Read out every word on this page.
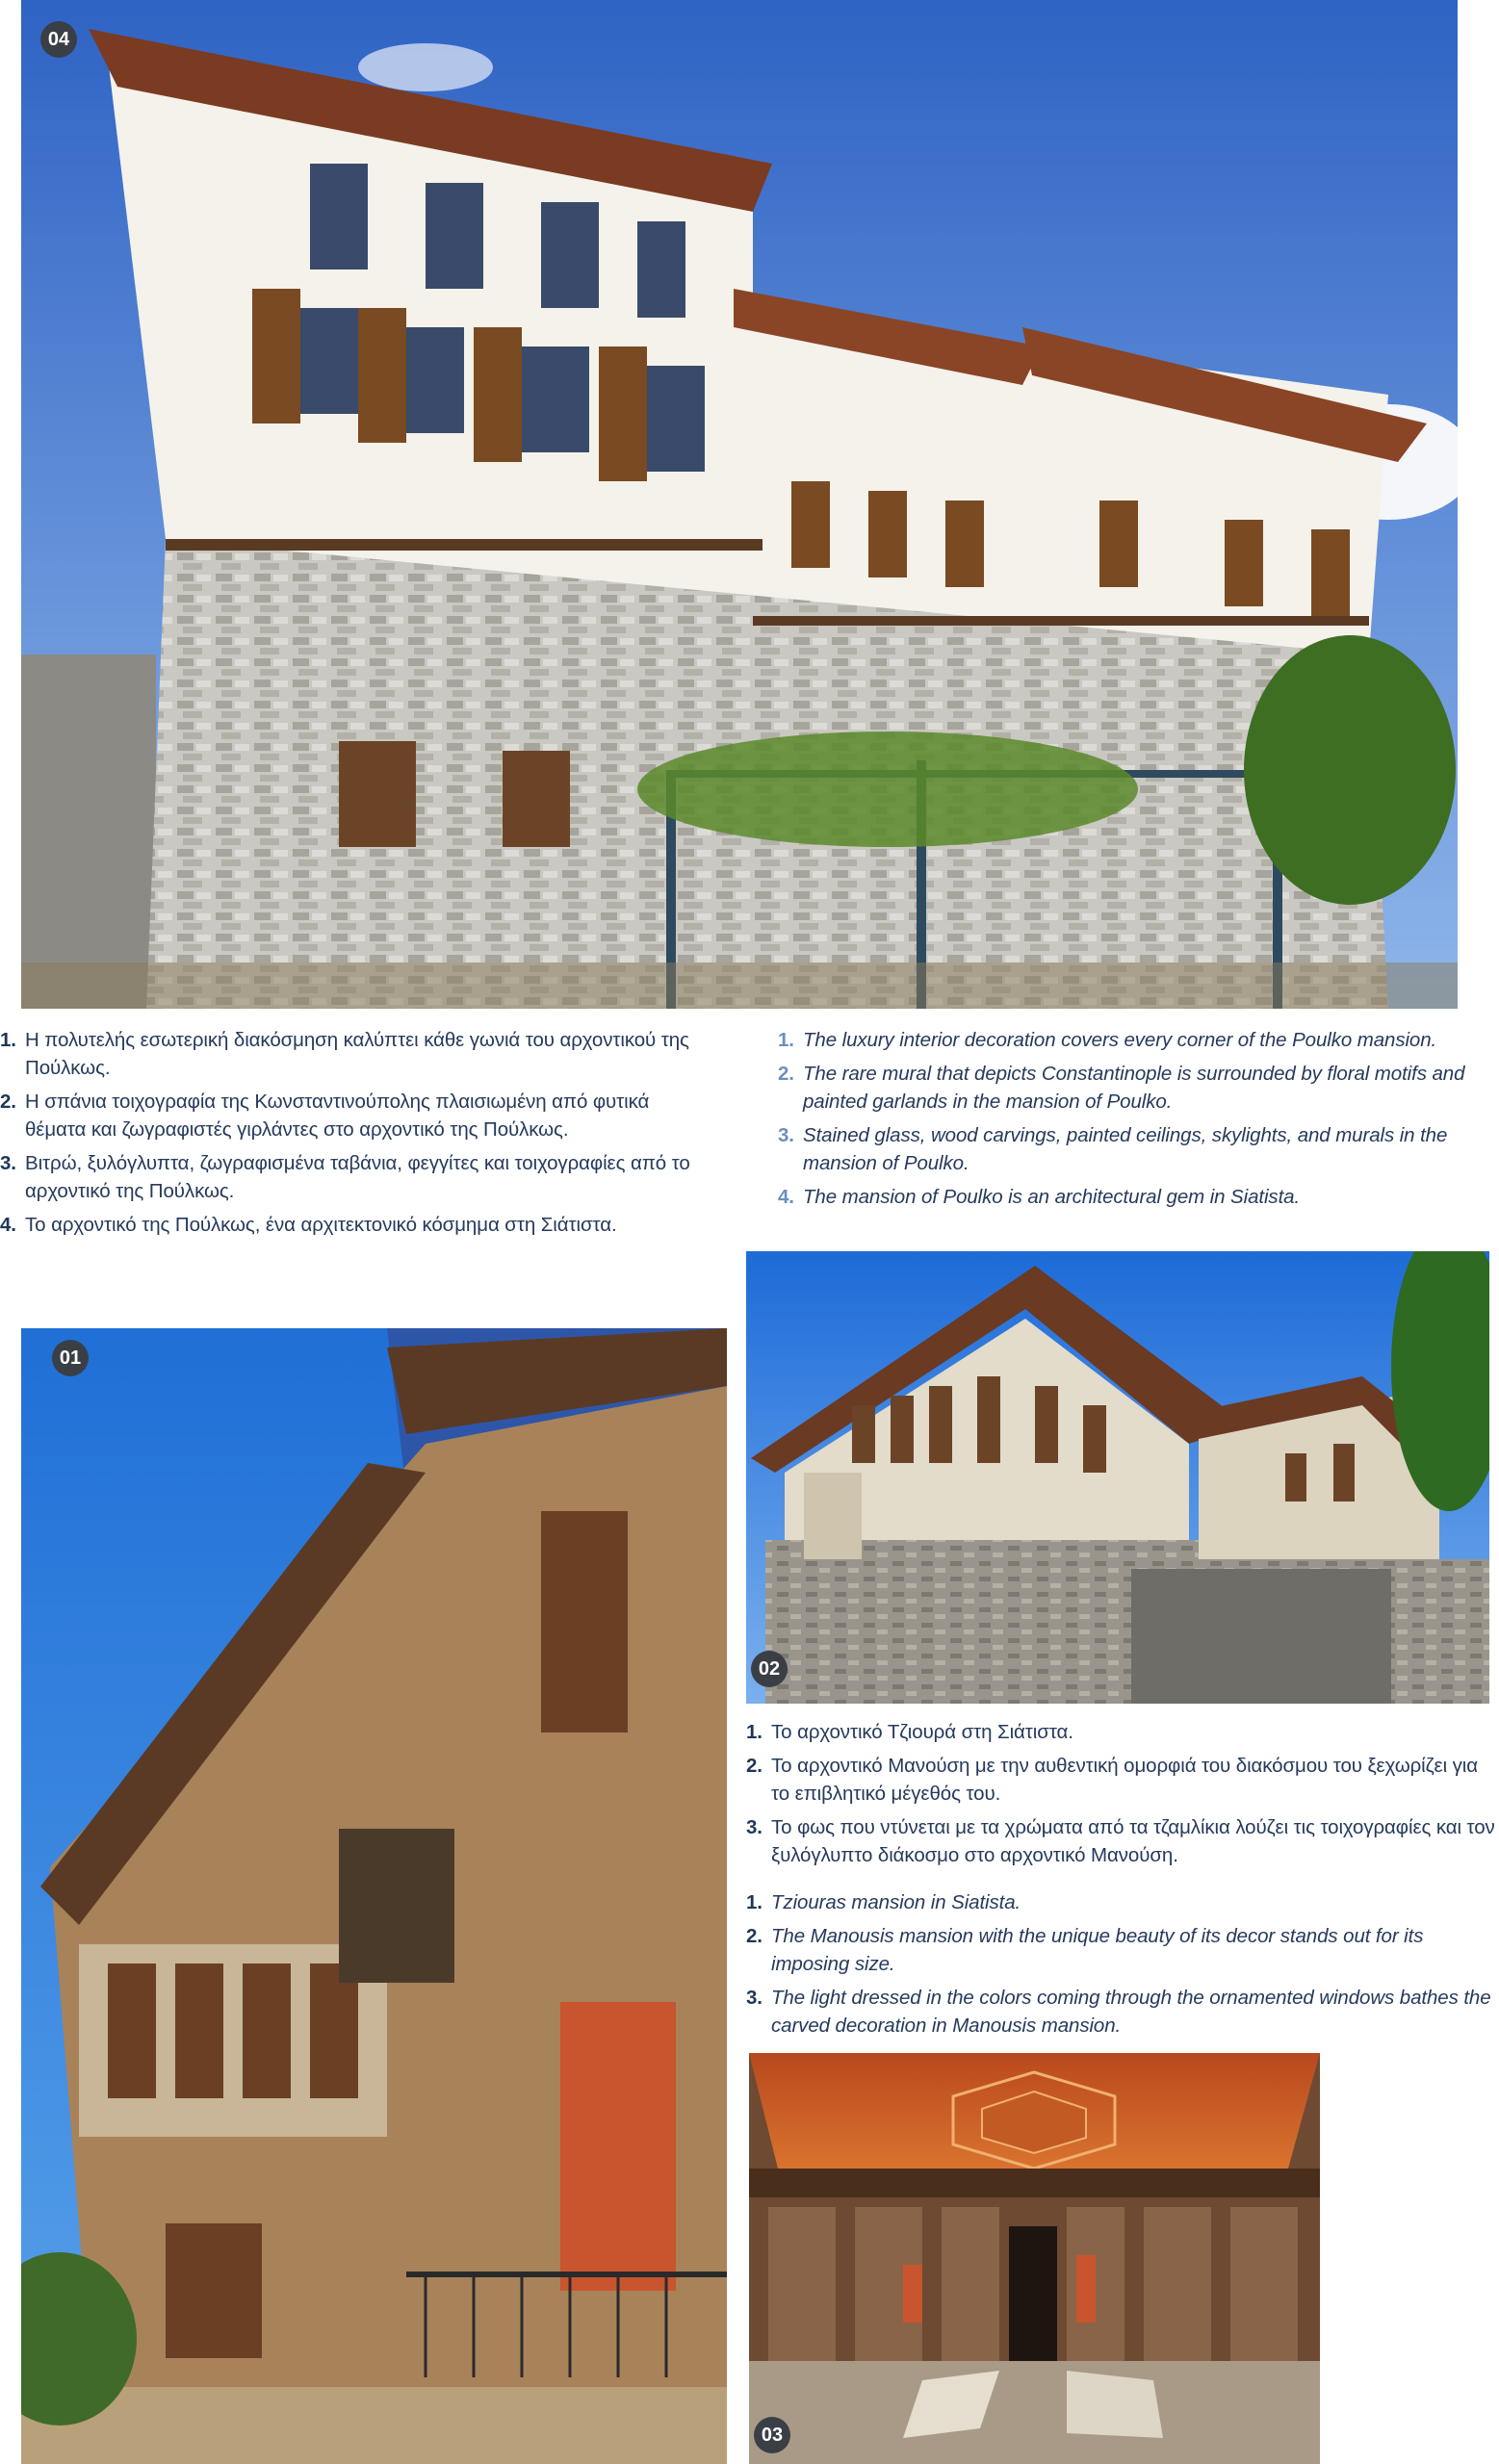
04
1. Η πολυτελής εσωτερική διακόσμηση καλύπτει κάθε γωνιά του αρχοντικού της Πούλκως.
2. Η σπάνια τοιχογραφία της Κωνσταντινούπολης πλαισιωμένη από φυτικά θέματα και ζωγραφιστές γιρλάντες στο αρχοντικό της Πούλκως.
3. Βιτρώ, ξυλόγλυπτα, ζωγραφισμένα ταβάνια, φεγγίτες και τοιχογραφίες από το αρχοντικό της Πούλκως.
4. Το αρχοντικό της Πούλκως, ένα αρχιτεκτονικό κόσμημα στη Σιάτιστα.
1. The luxury interior decoration covers every corner of the Poulko mansion.
2. The rare mural that depicts Constantinople is surrounded by floral motifs and painted garlands in the mansion of Poulko.
3. Stained glass, wood carvings, painted ceilings, skylights, and murals in the mansion of Poulko.
4. The mansion of Poulko is an architectural gem in Siatista.
01
02
1. Το αρχοντικό Τζιουρά στη Σιάτιστα.
2. Το αρχοντικό Μανούση με την αυθεντική ομορφιά του διακόσμου του ξεχωρίζει για το επιβλητικό μέγεθός του.
3. Το φως που ντύνεται με τα χρώματα από τα τζαμλίκια λούζει τις τοιχογραφίες και τον ξυλόγλυπτο διάκοσμο στο αρχοντικό Μανούση.
1. Tziouras mansion in Siatista.
2. The Manousis mansion with the unique beauty of its decor stands out for its imposing size.
3. The light dressed in the colors coming through the ornamented windows bathes the carved decoration in Manousis mansion.
03
